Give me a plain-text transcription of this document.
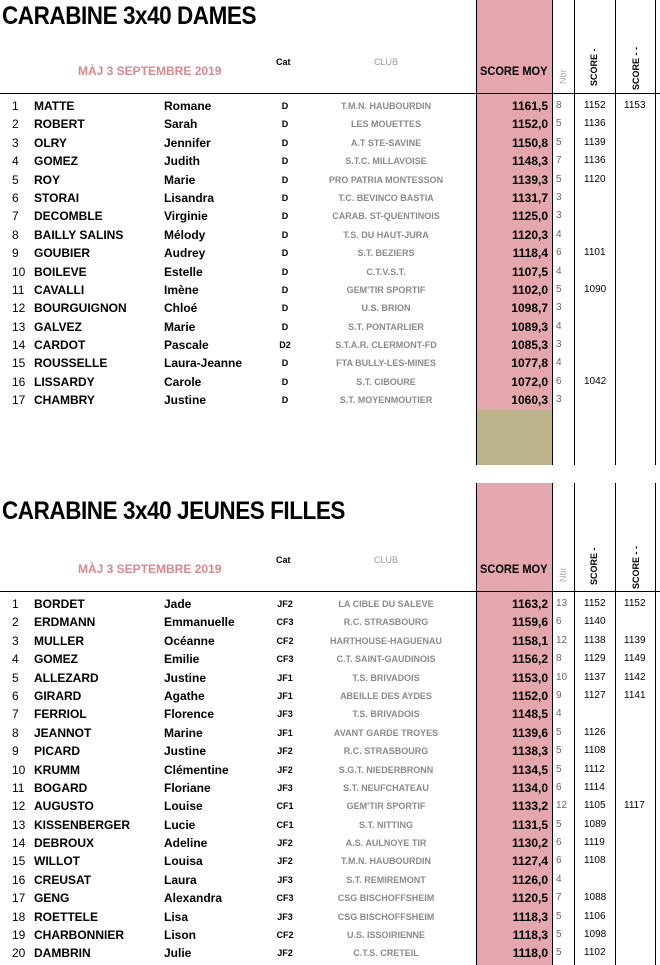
CARABINE 3x40 DAMES
MÀJ 3 SEPTEMBRE 2019
Cat	CLUB
SCORE MOY Nbr SCORE -	SCORE - -
1 MATTE	Romane	D	T.M.N. HAUBOURDIN	1161,5 8 1152 1153
2 ROBERT	Sarah	D	LES MOUETTES	1152,0 5 1136
3 OLRY	Jennifer	D	A.T STE-SAVINE	1150,8 5 1139
4 GOMEZ	Judith	D	S.T.C. MILLAVOISE	1148,3 7 1136
5 ROY	Marie	D	PRO PATRIA MONTESSON	1139,3 5 1120
6 STORAI	Lisandra	D	T.C. BEVINCO BASTIA	1131,7 3
7 DECOMBLE	Virginie	D	CARAB. ST-QUENTINOIS	1125,0 3
8 BAILLY SALINS	Mélody	D	T.S. DU HAUT-JURA	1120,3 4
9 GOUBIER	Audrey	D	S.T. BEZIERS	1118,4 6 1101
10 BOILEVE	Estelle	D	C.T.V.S.T.	1107,5 4
11 CAVALLI	Imène	D	GEM'TIR SPORTIF	1102,0 5 1090
12 BOURGUIGNON	Chloé	D	U.S. BRION	1098,7 3
13 GALVEZ	Marie	D	S.T. PONTARLIER	1089,3 4
14 CARDOT	Pascale	D2	S.T.A.R. CLERMONT-FD	1085,3 3
15 ROUSSELLE	Laura-Jeanne	D	FTA BULLY-LES-MINES	1077,8 4
16 LISSARDY	Carole	D	S.T. CIBOURE	1072,0 6 1042
17 CHAMBRY	Justine	D	S.T. MOYENMOUTIER	1060,3 3
CARABINE 3x40 JEUNES FILLES
MÀJ 3 SEPTEMBRE 2019
Cat	CLUB
SCORE MOY Nbr SCORE -	SCORE - -
1 BORDET	Jade	JF2	LA CIBLE DU SALEVE	1163,2 13 1152 1152
2 ERDMANN	Emmanuelle	CF3	R.C. STRASBOURG	1159,6 6 1140
3 MULLER	Océanne	CF2	HARTHOUSE-HAGUENAU	1158,1 12 1138 1139
4 GOMEZ	Emilie	CF3	C.T. SAINT-GAUDINOIS	1156,2 8 1129 1149
5 ALLEZARD	Justine	JF1	T.S. BRIVADOIS	1153,0 10 1137 1142
6 GIRARD	Agathe	JF1	ABEILLE DES AYDES	1152,0 9 1127 1141
7 FERRIOL	Florence	JF3	T.S. BRIVADOIS	1148,5 4
8 JEANNOT	Marine	JF1	AVANT GARDE TROYES	1139,6 5 1126
9 PICARD	Justine	JF2	R.C. STRASBOURG	1138,3 5 1108
10 KRUMM	Clémentine	JF2	S.G.T. NIEDERBRONN	1134,5 5 1112
11 BOGARD	Floriane	JF3	S.T. NEUFCHATEAU	1134,0 6 1114
12 AUGUSTO	Louise	CF1	GEM'TIR SPORTIF	1133,2 12 1105 1117
13 KISSENBERGER	Lucie	CF1	S.T. NITTING	1131,5 5 1089
14 DEBROUX	Adeline	JF2	A.S. AULNOYE TIR	1130,2 6 1119
15 WILLOT	Louisa	JF2	T.M.N. HAUBOURDIN	1127,4 6 1108
16 CREUSAT	Laura	JF3	S.T. REMIREMONT	1126,0 4
17 GENG	Alexandra	CF3	CSG BISCHOFFSHEIM	1120,5 7 1088
18 ROETTELE	Lisa	JF3	CSG BISCHOFFSHEIM	1118,3 5 1106
19 CHARBONNIER	Lison	CF2	U.S. ISSOIRIENNE	1118,3 5 1098
20 DAMBRIN	Julie	JF2	C.T.S. CRETEIL	1118,0 5 1102
